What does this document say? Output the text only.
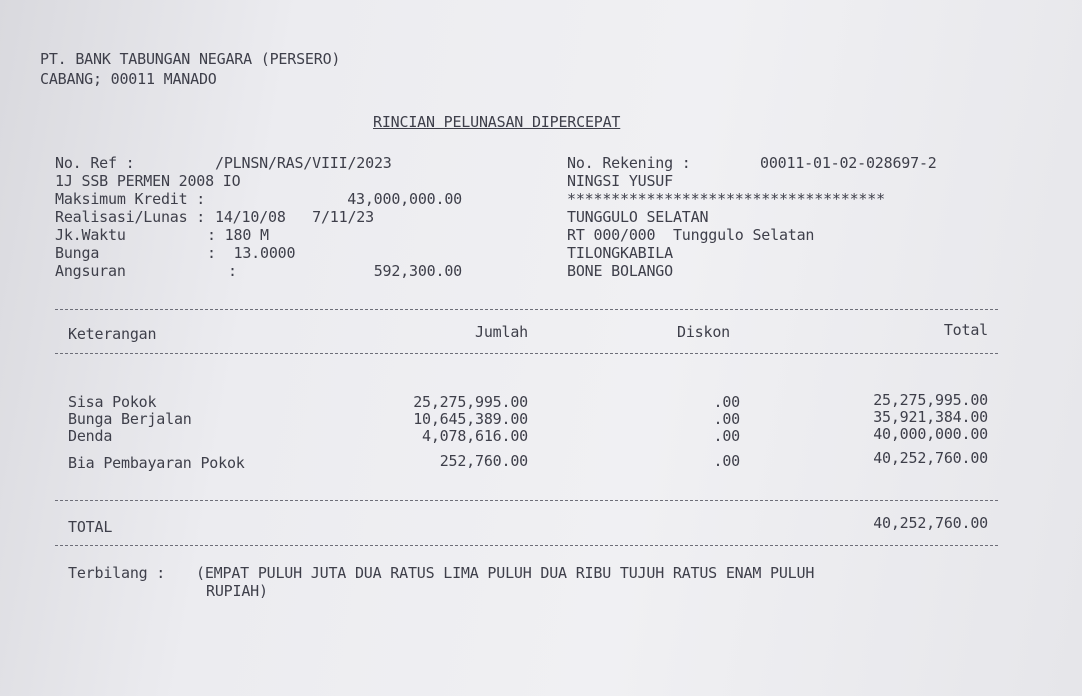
PT. BANK TABUNGAN NEGARA (PERSERO)
CABANG; 00011 MANADO
RINCIAN PELUNASAN DIPERCEPAT
No. Ref :	/PLNSN/RAS/VIII/2023
1J SSB PERMEN 2008 IO
Maksimum Kredit :	43,000,000.00
Realisasi/Lunas : 14/10/08   7/11/23
Jk.Waktu	: 180 M
Bunga	:  13.0000
Angsuran	:	592,300.00
No. Rekening :	00011-01-02-028697-2
NINGSI YUSUF
************************************
TUNGGULO SELATAN
RT 000/000  Tunggulo Selatan
TILONGKABILA
BONE BOLANGO
Keterangan	Jumlah	Diskon	Total
Sisa Pokok	25,275,995.00	.00	25,275,995.00
Bunga Berjalan	10,645,389.00	.00	35,921,384.00
Denda	4,078,616.00	.00	40,000,000.00
Bia Pembayaran Pokok	252,760.00	.00	40,252,760.00
TOTAL	40,252,760.00
Terbilang : (EMPAT PULUH JUTA DUA RATUS LIMA PULUH DUA RIBU TUJUH RATUS ENAM PULUH
RUPIAH)
